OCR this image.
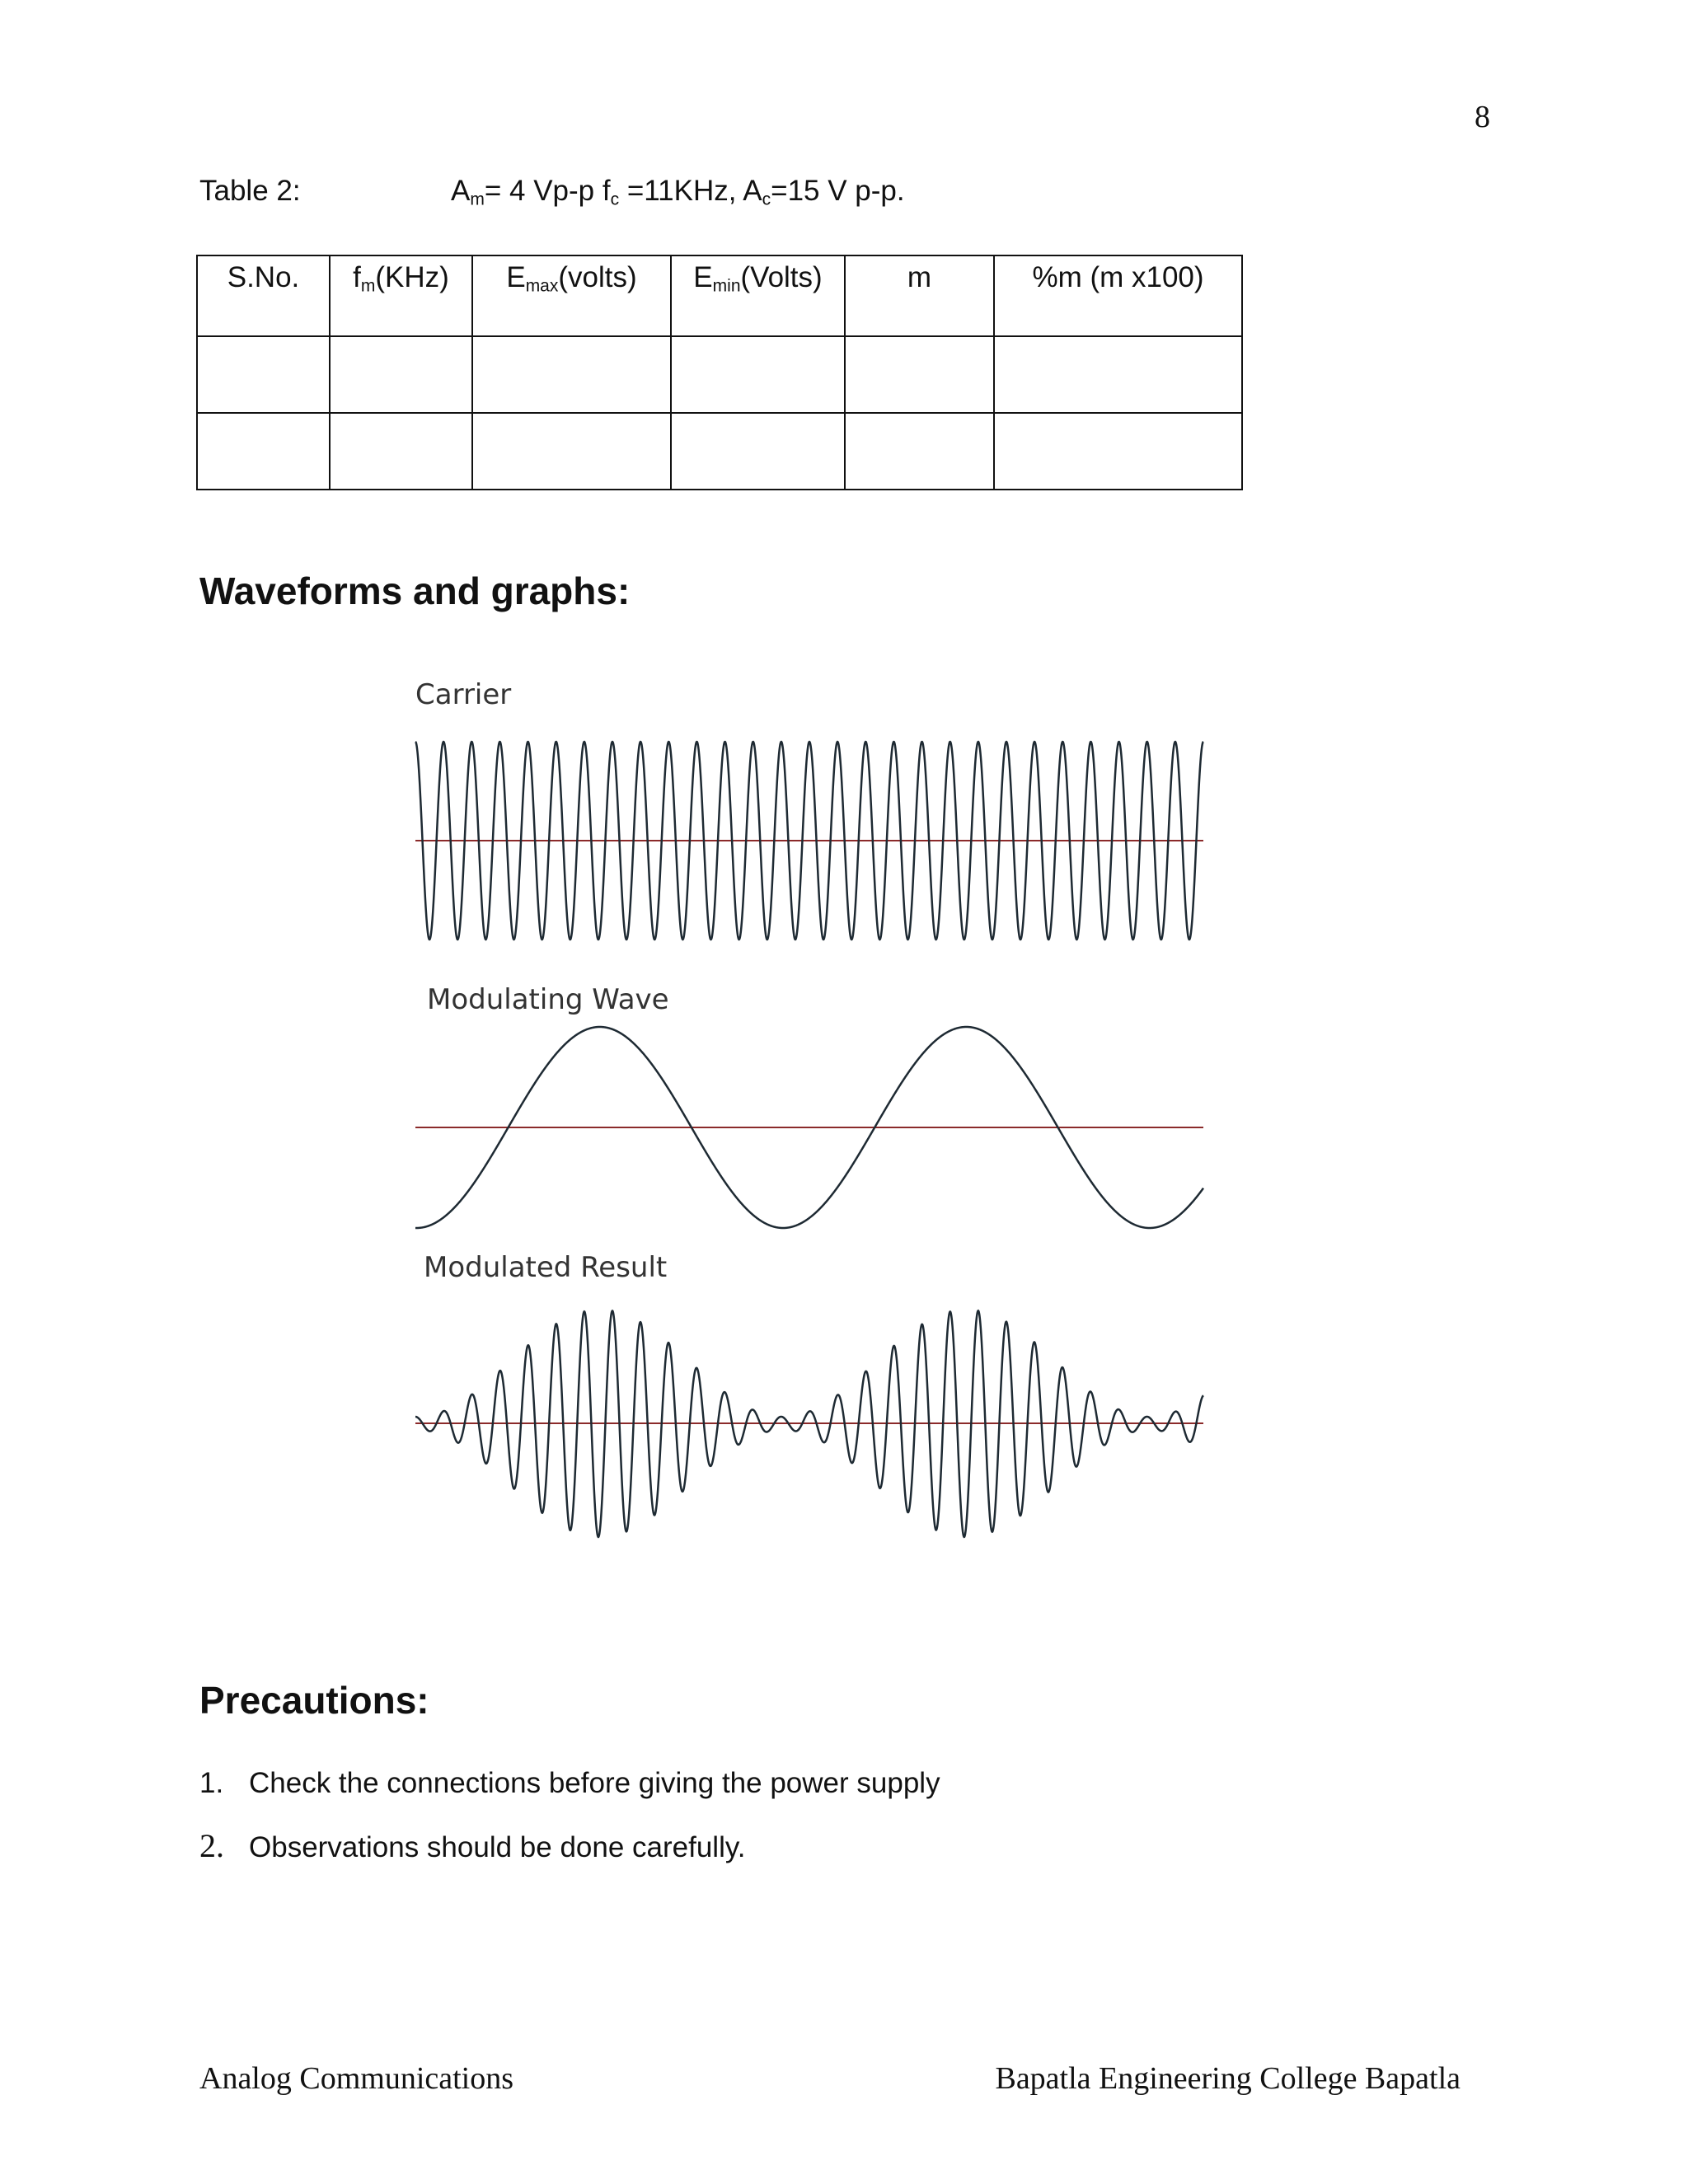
8
Table 2:	$A_m= 4$ Vp-p $f_c =11KHz$, $A_c=15$ V p-p.
S.No.	$f_m(KHz)$	$E_{max}(volts)$	$E_{min}(Volts)$	m	%m (m x100)

Waveforms and graphs:
Carrier
Modulating Wave
Modulated Result
Precautions:
1. Check the connections before giving the power supply
2. Observations should be done carefully.
Analog Communications	Bapatla Engineering College Bapatla
